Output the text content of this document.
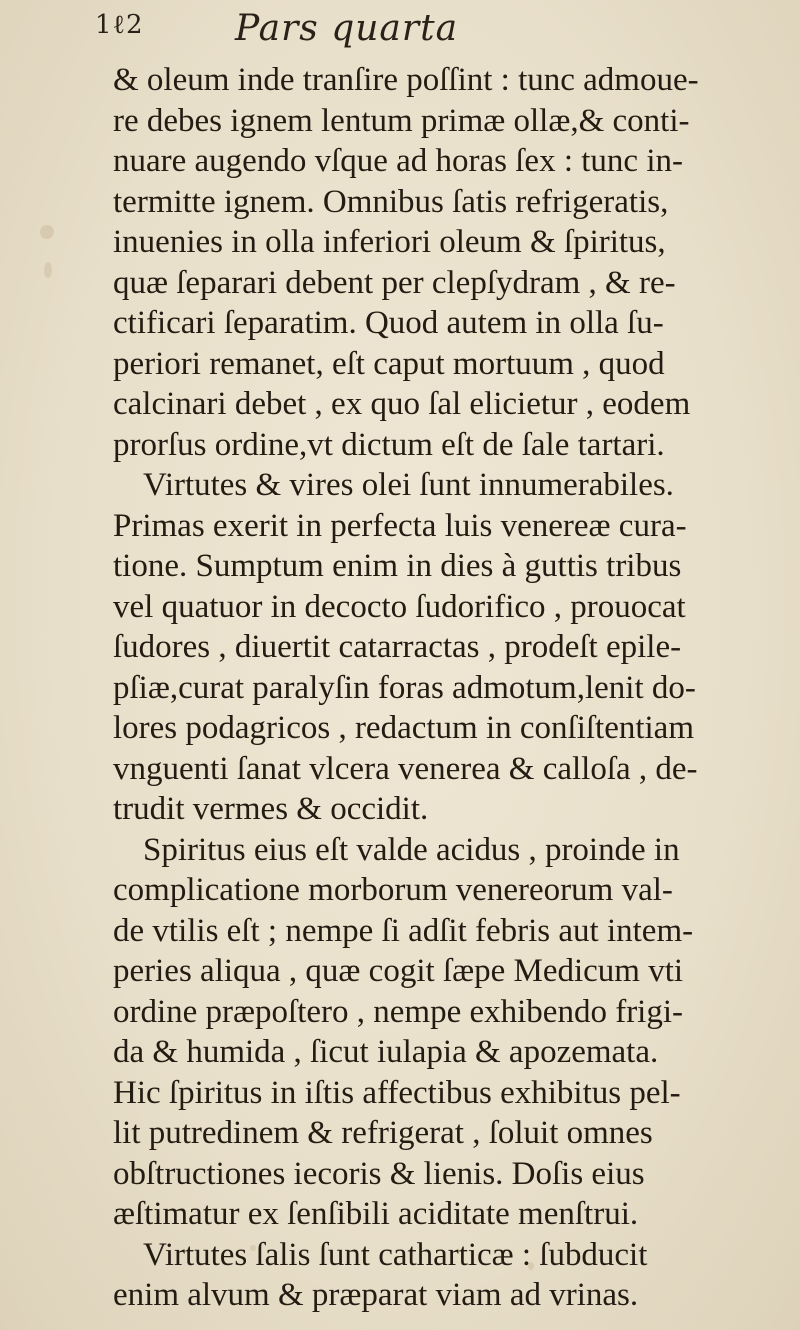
1ℓ2	Pars quarta
& oleum inde tranſire poſſint : tunc admoue-
re debes ignem lentum primæ ollæ,& conti-
nuare augendo vſque ad horas ſex : tunc in-
termitte ignem. Omnibus ſatis refrigeratis,
inuenies in olla inferiori oleum & ſpiritus,
quæ ſeparari debent per clepſydram , & re-
ctificari ſeparatim. Quod autem in olla ſu-
periori remanet, eſt caput mortuum , quod
calcinari debet , ex quo ſal elicietur , eodem
prorſus ordine,vt dictum eſt de ſale tartari.
Virtutes & vires olei ſunt innumerabiles.
Primas exerit in perfecta luis venereæ cura-
tione. Sumptum enim in dies à guttis tribus
vel quatuor in decocto ſudorifico , prouocat
ſudores , diuertit catarractas , prodeſt epile-
pſiæ,curat paralyſin foras admotum,lenit do-
lores podagricos , redactum in conſiſtentiam
vnguenti ſanat vlcera venerea & calloſa , de-
trudit vermes & occidit.
Spiritus eius eſt valde acidus , proinde in
complicatione morborum venereorum val-
de vtilis eſt ; nempe ſi adſit febris aut intem-
peries aliqua , quæ cogit ſæpe Medicum vti
ordine præpoſtero , nempe exhibendo frigi-
da & humida , ſicut iulapia & apozemata.
Hic ſpiritus in iſtis affectibus exhibitus pel-
lit putredinem & refrigerat , ſoluit omnes
obſtructiones iecoris & lienis. Doſis eius
æſtimatur ex ſenſibili aciditate menſtrui.
Virtutes ſalis ſunt catharticæ : ſubducit
enim alvum & præparat viam ad vrinas.
